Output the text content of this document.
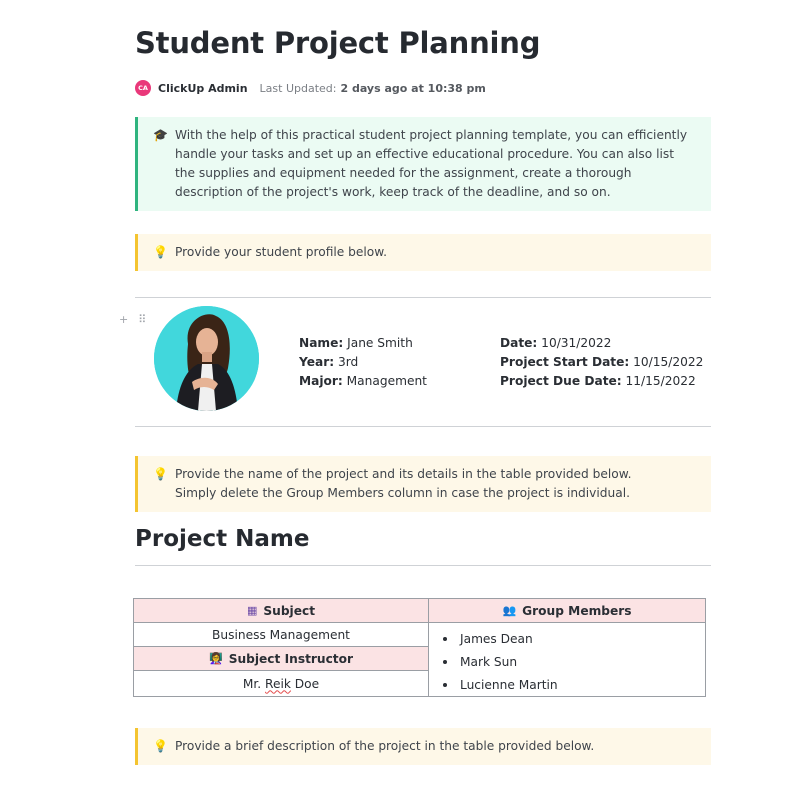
Student Project Planning
CA ClickUp Admin Last Updated: 2 days ago at 10:38 pm
🎓 With the help of this practical student project planning template, you can efficiently handle your tasks and set up an effective educational procedure. You can also list the supplies and equipment needed for the assignment, create a thorough description of the project's work, keep track of the deadline, and so on.
💡 Provide your student profile below.
+ ⠿
Name: Jane Smith
Year: 3rd
Major: Management
Date: 10/31/2022
Project Start Date: 10/15/2022
Project Due Date: 11/15/2022
💡 Provide the name of the project and its details in the table provided below.
Simply delete the Group Members column in case the project is individual.
Project Name
▦ Subject
Business Management
👩‍🏫 Subject Instructor
Mr. Reik Doe
👥 Group Members
James Dean
Mark Sun
Lucienne Martin
💡 Provide a brief description of the project in the table provided below.
